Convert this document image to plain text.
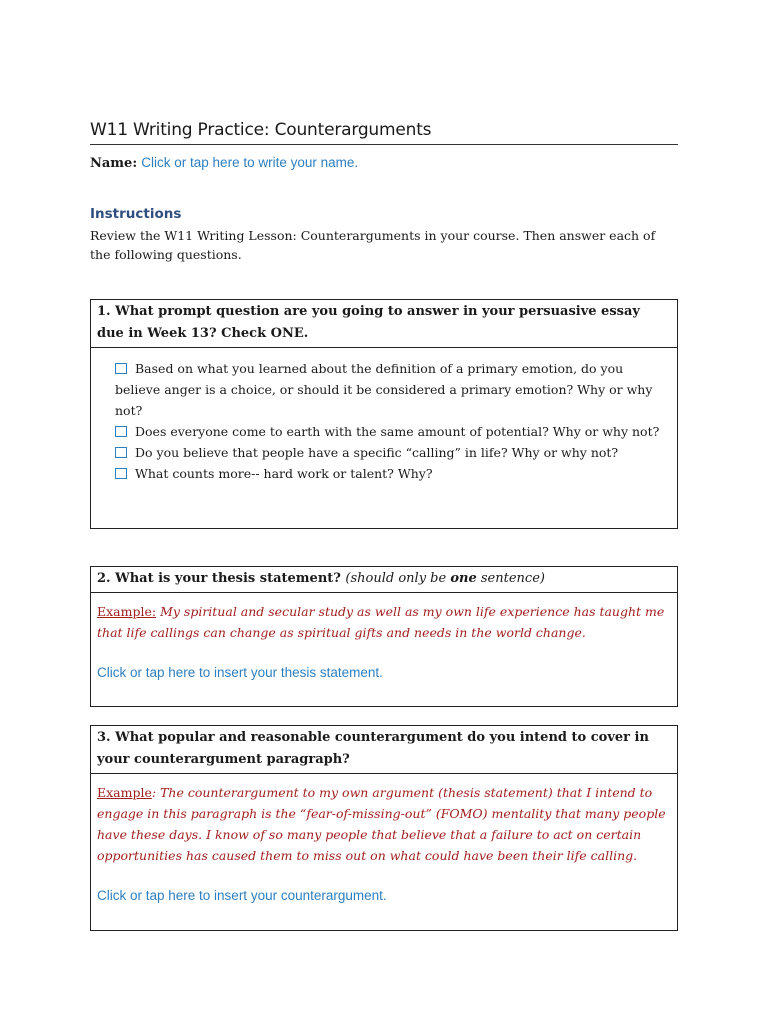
W11 Writing Practice: Counterarguments
Name: Click or tap here to write your name.
Instructions
Review the W11 Writing Lesson: Counterarguments in your course. Then answer each of the following questions.
1. What prompt question are you going to answer in your persuasive essay due in Week 13? Check ONE.
Based on what you learned about the definition of a primary emotion, do you believe anger is a choice, or should it be considered a primary emotion? Why or why not?
Does everyone come to earth with the same amount of potential? Why or why not?
Do you believe that people have a specific “calling” in life? Why or why not?
What counts more-- hard work or talent? Why?
2. What is your thesis statement? (should only be one sentence)
Example: My spiritual and secular study as well as my own life experience has taught me that life callings can change as spiritual gifts and needs in the world change.
Click or tap here to insert your thesis statement.
3. What popular and reasonable counterargument do you intend to cover in your counterargument paragraph?
Example: The counterargument to my own argument (thesis statement) that I intend to engage in this paragraph is the “fear-of-missing-out” (FOMO) mentality that many people have these days. I know of so many people that believe that a failure to act on certain opportunities has caused them to miss out on what could have been their life calling.
Click or tap here to insert your counterargument.
